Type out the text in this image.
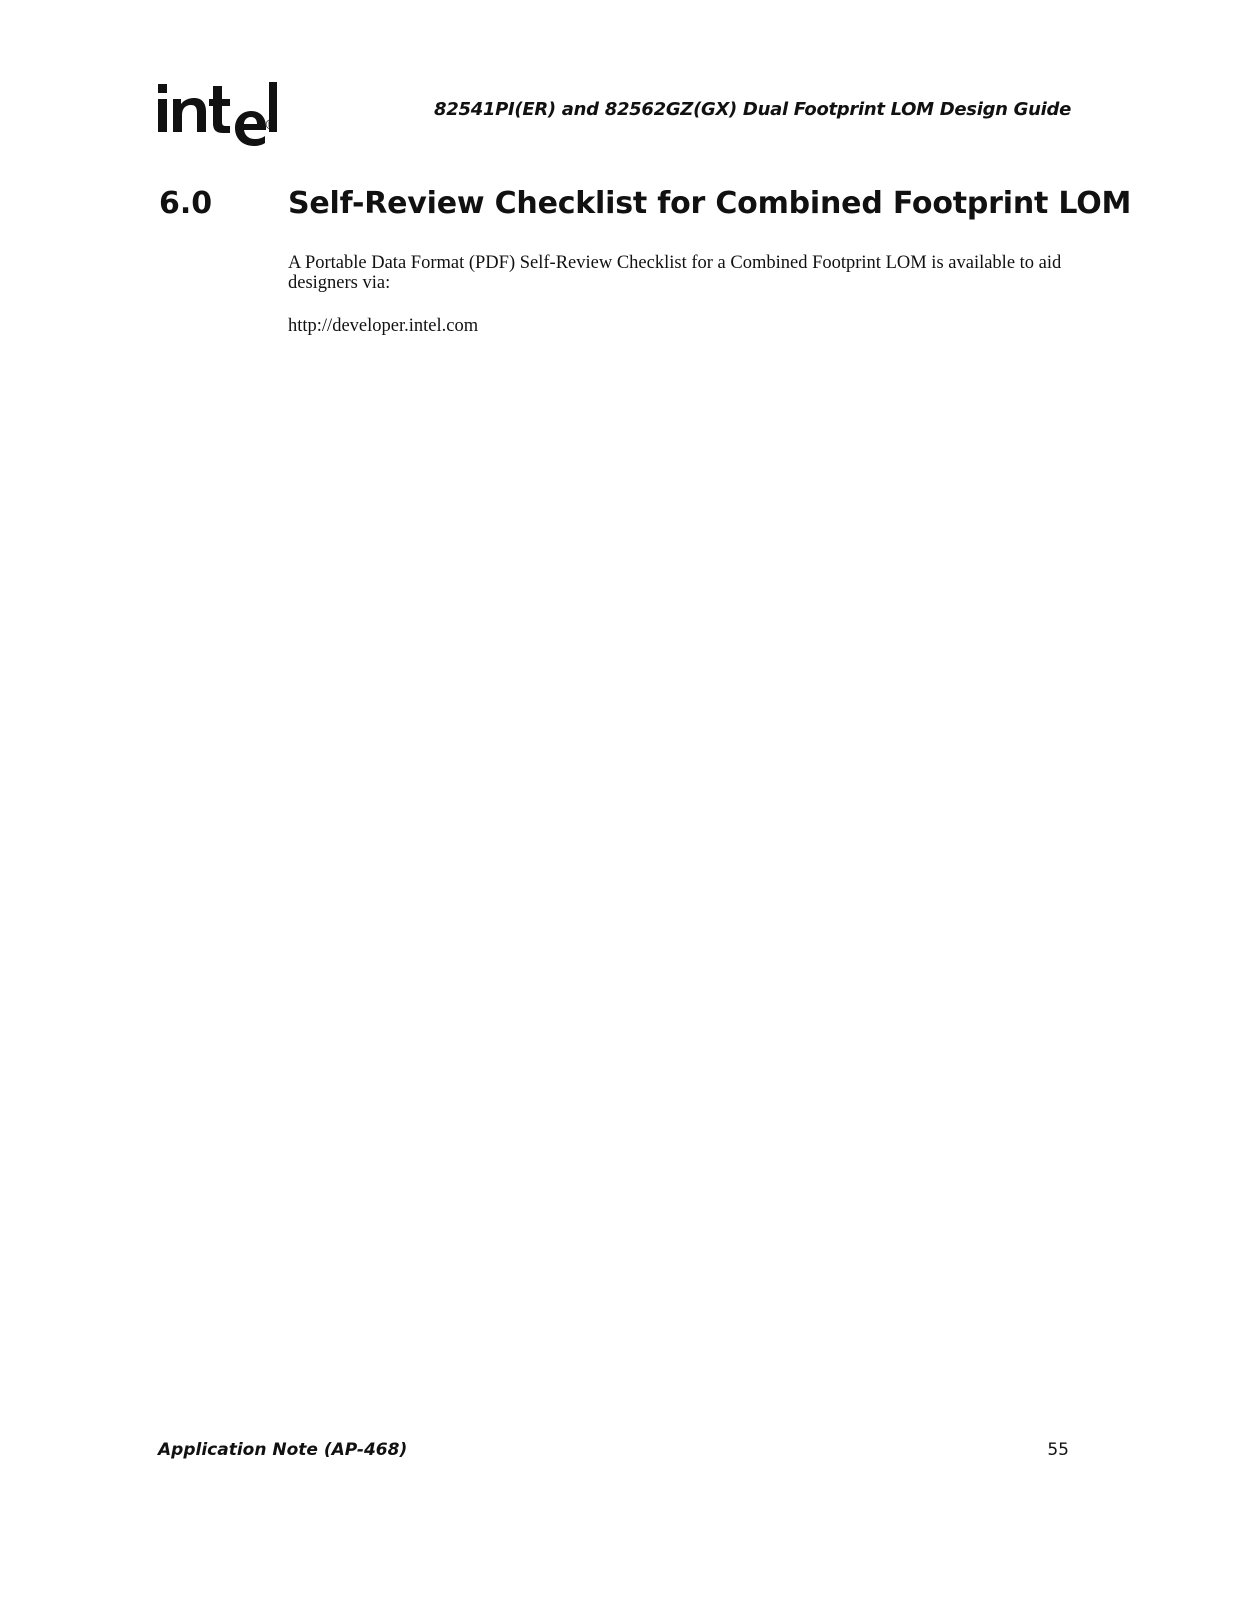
®
82541PI(ER) and 82562GZ(GX) Dual Footprint LOM Design Guide
6.0	Self-Review Checklist for Combined Footprint LOM

A Portable Data Format (PDF) Self-Review Checklist for a Combined Footprint LOM is available to aid designers via:

http://developer.intel.com

Application Note (AP-468)	55
